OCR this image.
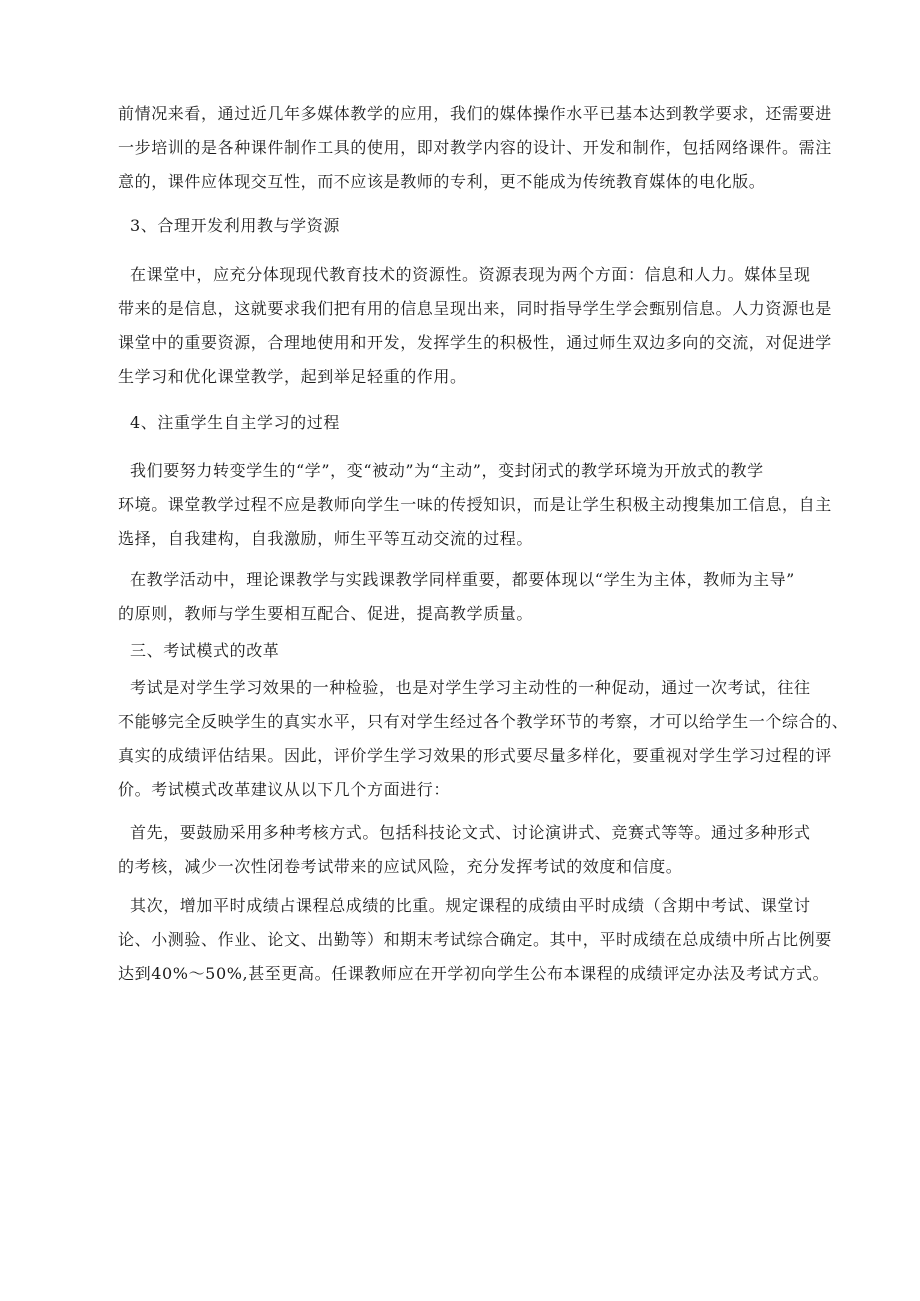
前情况来看，通过近几年多媒体教学的应用，我们的媒体操作水平已基本达到教学要求，还需要进
一步培训的是各种课件制作工具的使用，即对教学内容的设计、开发和制作，包括网络课件。需注
意的，课件应体现交互性，而不应该是教师的专利，更不能成为传统教育媒体的电化版。
3、合理开发利用教与学资源
在课堂中，应充分体现现代教育技术的资源性。资源表现为两个方面：信息和人力。媒体呈现
带来的是信息，这就要求我们把有用的信息呈现出来，同时指导学生学会甄别信息。人力资源也是
课堂中的重要资源，合理地使用和开发，发挥学生的积极性，通过师生双边多向的交流，对促进学
生学习和优化课堂教学，起到举足轻重的作用。
4、注重学生自主学习的过程
我们要努力转变学生的“学”，变“被动”为“主动”，变封闭式的教学环境为开放式的教学
环境。课堂教学过程不应是教师向学生一味的传授知识，而是让学生积极主动搜集加工信息，自主
选择，自我建构，自我激励，师生平等互动交流的过程。
在教学活动中，理论课教学与实践课教学同样重要，都要体现以“学生为主体，教师为主导”
的原则，教师与学生要相互配合、促进，提高教学质量。
三、考试模式的改革
考试是对学生学习效果的一种检验，也是对学生学习主动性的一种促动，通过一次考试，往往
不能够完全反映学生的真实水平，只有对学生经过各个教学环节的考察，才可以给学生一个综合的、
真实的成绩评估结果。因此，评价学生学习效果的形式要尽量多样化，要重视对学生学习过程的评
价。考试模式改革建议从以下几个方面进行：
首先，要鼓励采用多种考核方式。包括科技论文式、讨论演讲式、竞赛式等等。通过多种形式
的考核，减少一次性闭卷考试带来的应试风险，充分发挥考试的效度和信度。
其次，增加平时成绩占课程总成绩的比重。规定课程的成绩由平时成绩（含期中考试、课堂讨
论、小测验、作业、论文、出勤等）和期末考试综合确定。其中，平时成绩在总成绩中所占比例要
达到40%～50%,甚至更高。任课教师应在开学初向学生公布本课程的成绩评定办法及考试方式。
